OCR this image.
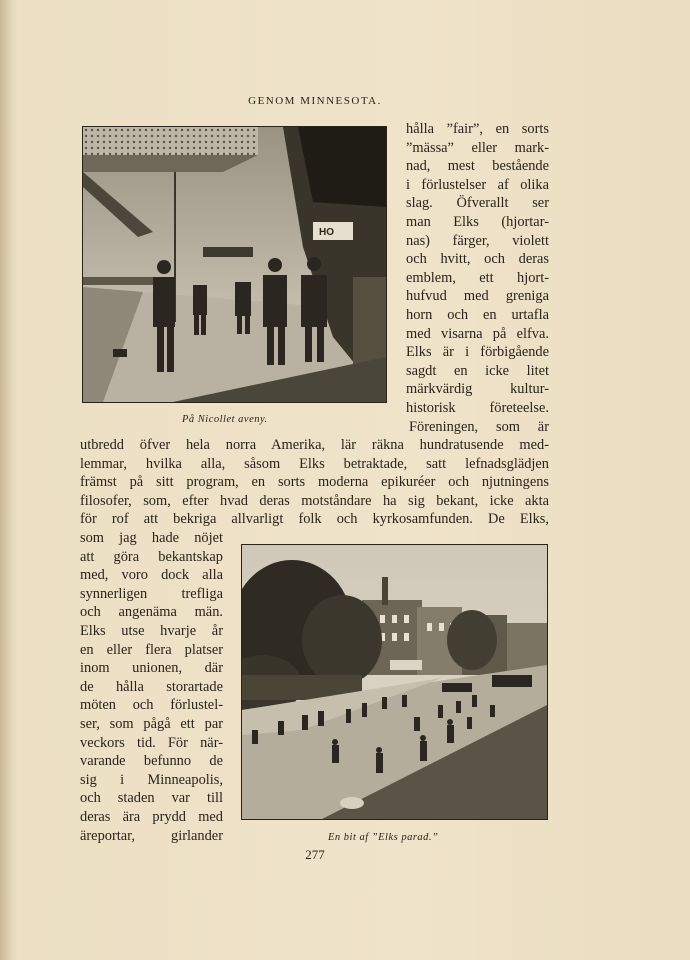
GENOM MINNESOTA.
HO
På Nicollet aveny.
hålla ”fair”, en sorts
”mässa” eller mark-
nad, mest bestående
i förlustelser af olika
slag. Öfverallt ser
man Elks (hjortar-
nas) färger, violett
och hvitt, och deras
emblem, ett hjort-
hufvud med greniga
horn och en urtafla
med visarna på elfva.
Elks är i förbigående
sagdt en icke litet
märkvärdig kultur-
historisk företeelse.
Föreningen, som är
utbredd öfver hela norra Amerika, lär räkna hundratusende med-
lemmar, hvilka alla, såsom Elks betraktade, satt lefnadsglädjen
främst på sitt program, en sorts moderna epikuréer och njutningens
filosofer, som, efter hvad deras motståndare ha sig bekant, icke akta
för rof att bekriga allvarligt folk och kyrkosamfunden. De Elks,
som jag hade nöjet
att göra bekantskap
med, voro dock alla
synnerligen trefliga
och angenäma män.
Elks utse hvarje år
en eller flera platser
inom unionen, där
de hålla storartade
möten och förlustel-
ser, som pågå ett par
veckors tid. För när-
varande befunno de
sig i Minneapolis,
och staden var till
deras ära prydd med
äreportar, girlander	En bit af ”Elks parad.”
277
